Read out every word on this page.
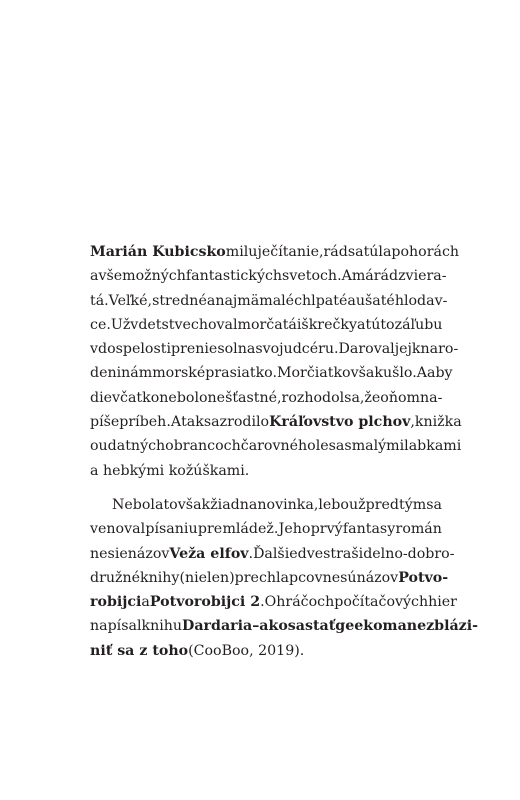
Marián Kubicsko miluje čítanie, rád sa túla po horách
a všemožných fantastických svetoch. A má rád zviera-
tá. Veľké, stredné a najmä malé chlpaté a ušaté hlodav-
ce. Už v detstve choval morčatá i škrečky a túto záľubu
v dospelosti preniesol na svoju dcéru. Daroval jej k naro-
deninám morské prasiatko. Morčiatko však ušlo. A aby
dievčatko nebolo nešťastné, rozhodol sa, že o ňom na-
píše príbeh. A tak sa zrodilo Kráľovstvo plchov, knižka
o udatných obrancoch čarovného lesa s malými labkami
a hebkými kožúškami.
Nebola to však žiadna novinka, lebo už predtým sa
venoval písaniu pre mládež. Jeho prvý fantasy román
nesie názov Veža elfov. Ďalšie dve strašidelno-dobro-
družné knihy (nielen) pre chlapcov nesú názov Potvo-
robijci a Potvorobijci 2. O hráčoch počítačových hier
napísal knihu Dardaria – ako sa stať geekom a nezblázi-
niť sa z toho (CooBoo, 2019).
